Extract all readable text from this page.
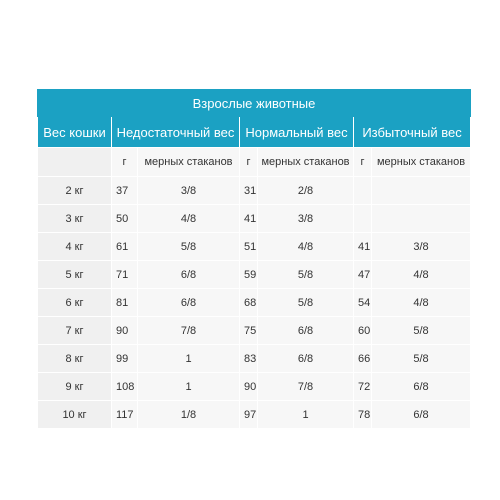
Взрослые животные						
Вес кошки	Недостаточный вес		Нормальный вес		Избыточный вес	
	г	мерных стаканов	г	мерных стаканов	г	мерных стаканов
2 кг	37	3/8	31	2/8		
3 кг	50	4/8	41	3/8		
4 кг	61	5/8	51	4/8	41	3/8
5 кг	71	6/8	59	5/8	47	4/8
6 кг	81	6/8	68	5/8	54	4/8
7 кг	90	7/8	75	6/8	60	5/8
8 кг	99	1	83	6/8	66	5/8
9 кг	108	1	90	7/8	72	6/8
10 кг	117	1/8	97	1	78	6/8
